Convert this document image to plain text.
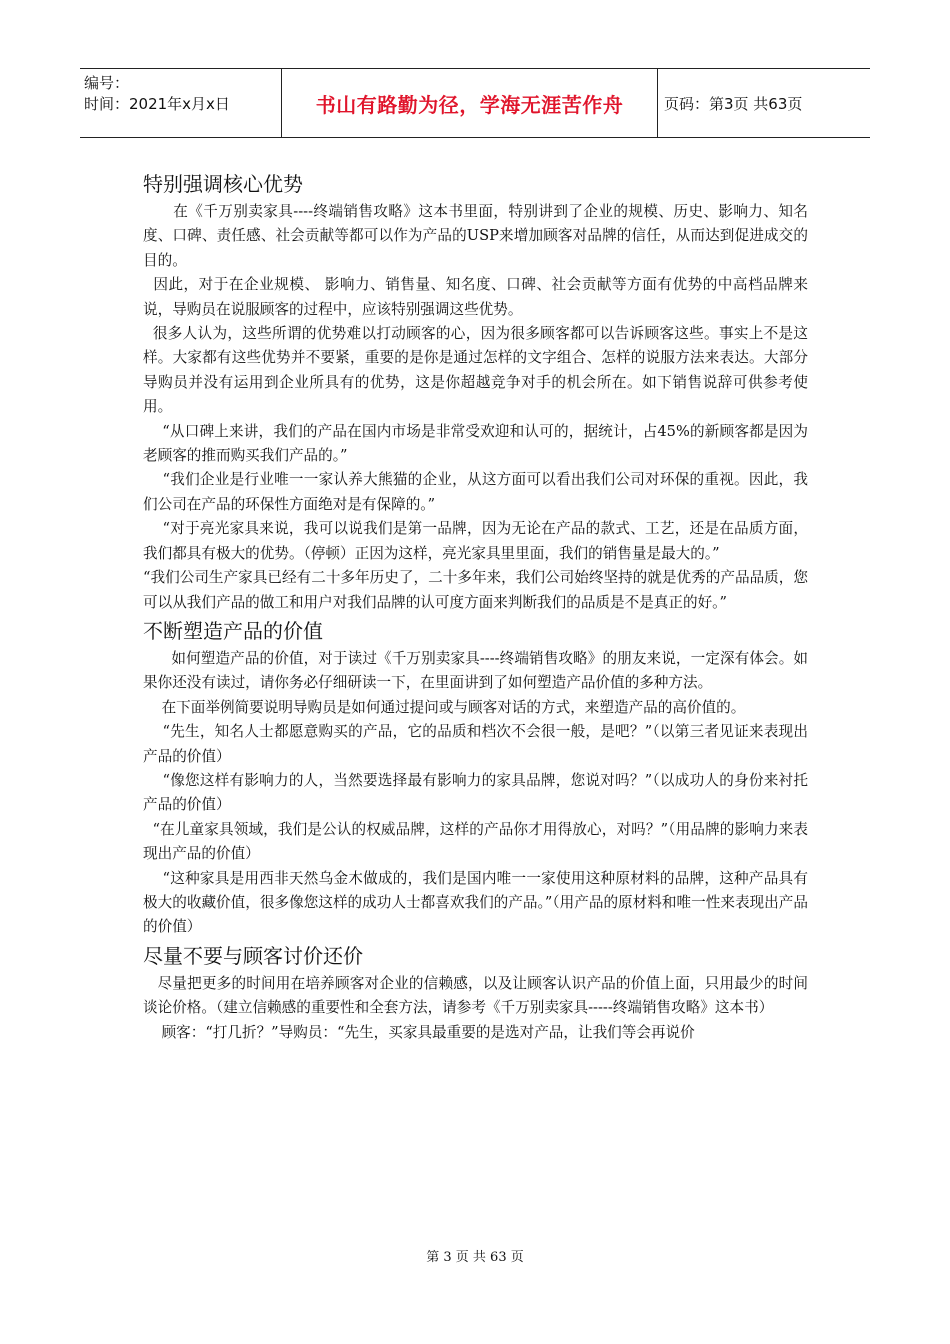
编号：
时间：2021年x月x日	书山有路勤为径，学海无涯苦作舟	页码：第3页 共63页
特别强调核心优势

在《千万别卖家具----终端销售攻略》这本书里面，特别讲到了企业的规模、历史、影响力、知名度、口碑、责任感、社会贡献等都可以作为产品的USP来增加顾客对品牌的信任，从而达到促进成交的目的。

因此，对于在企业规模、 影响力、销售量、知名度、口碑、社会贡献等方面有优势的中高档品牌来说，导购员在说服顾客的过程中，应该特别强调这些优势。

很多人认为，这些所谓的优势难以打动顾客的心，因为很多顾客都可以告诉顾客这些。事实上不是这样。大家都有这些优势并不要紧，重要的是你是通过怎样的文字组合、怎样的说服方法来表达。大部分导购员并没有运用到企业所具有的优势，这是你超越竞争对手的机会所在。如下销售说辞可供参考使用。

“从口碑上来讲，我们的产品在国内市场是非常受欢迎和认可的，据统计，占45%的新顾客都是因为老顾客的推而购买我们产品的。”

“我们企业是行业唯一一家认养大熊猫的企业，从这方面可以看出我们公司对环保的重视。因此，我们公司在产品的环保性方面绝对是有保障的。”

“对于亮光家具来说，我可以说我们是第一品牌，因为无论在产品的款式、工艺，还是在品质方面，我们都具有极大的优势。（停顿）正因为这样，亮光家具里里面，我们的销售量是最大的。”

“我们公司生产家具已经有二十多年历史了，二十多年来，我们公司始终坚持的就是优秀的产品品质，您可以从我们产品的做工和用户对我们品牌的认可度方面来判断我们的品质是不是真正的好。”

不断塑造产品的价值

如何塑造产品的价值，对于读过《千万别卖家具----终端销售攻略》的朋友来说，一定深有体会。如果你还没有读过，请你务必仔细研读一下，在里面讲到了如何塑造产品价值的多种方法。

在下面举例简要说明导购员是如何通过提问或与顾客对话的方式，来塑造产品的高价值的。

“先生，知名人士都愿意购买的产品，它的品质和档次不会很一般，是吧？”（以第三者见证来表现出产品的价值）

“像您这样有影响力的人，当然要选择最有影响力的家具品牌，您说对吗？”（以成功人的身份来衬托产品的价值）

“在儿童家具领域，我们是公认的权威品牌，这样的产品你才用得放心，对吗？”（用品牌的影响力来表现出产品的价值）

“这种家具是用西非天然乌金木做成的，我们是国内唯一一家使用这种原材料的品牌，这种产品具有极大的收藏价值，很多像您这样的成功人士都喜欢我们的产品。”（用产品的原材料和唯一性来表现出产品的价值）

尽量不要与顾客讨价还价

尽量把更多的时间用在培养顾客对企业的信赖感，以及让顾客认识产品的价值上面，只用最少的时间谈论价格。（建立信赖感的重要性和全套方法，请参考《千万别卖家具-----终端销售攻略》这本书）

顾客：“打几折？”导购员：“先生，买家具最重要的是选对产品，让我们等会再说价

第 3 页 共 63 页
